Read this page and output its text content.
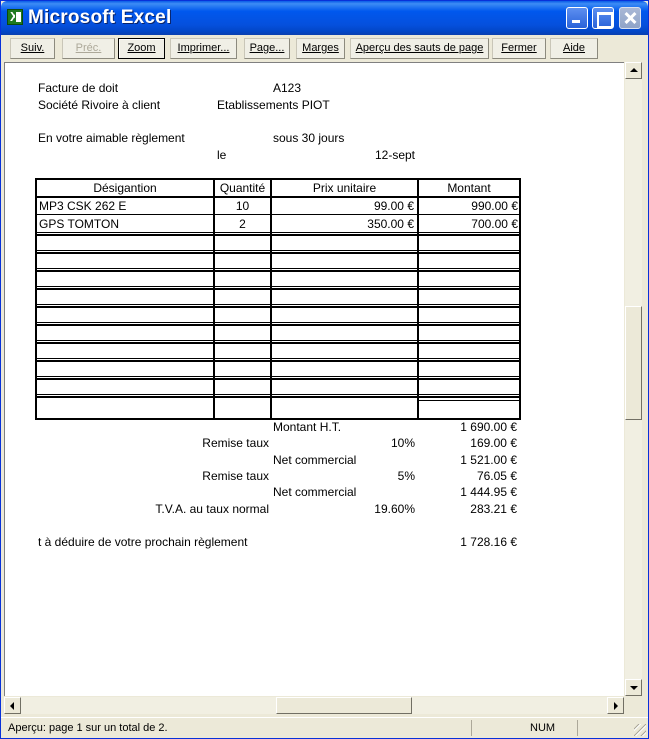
X
Microsoft Excel
Suiv.	Préc.	Zoom	Imprimer...	Page...	Marges	Aperçu des sauts de page	Fermer	Aide
Facture de doit	A123
Société Rivoire à client	Etablissements PIOT
En votre aimable règlement	sous 30 jours
le	12-sept
Désigantion	Quantité	Prix unitaire	Montant
MP3 CSK 262 E	10	99.00 €	990.00 €
GPS TOMTON	2	350.00 €	700.00 €
Montant H.T.	1 690.00 €
Remise taux	10%	169.00 €
Net commercial	1 521.00 €
Remise taux	5%	76.05 €
Net commercial	1 444.95 €
T.V.A. au taux normal	19.60%	283.21 €
t à déduire de votre prochain règlement	1 728.16 €
Aperçu: page 1 sur un total de 2.	NUM
